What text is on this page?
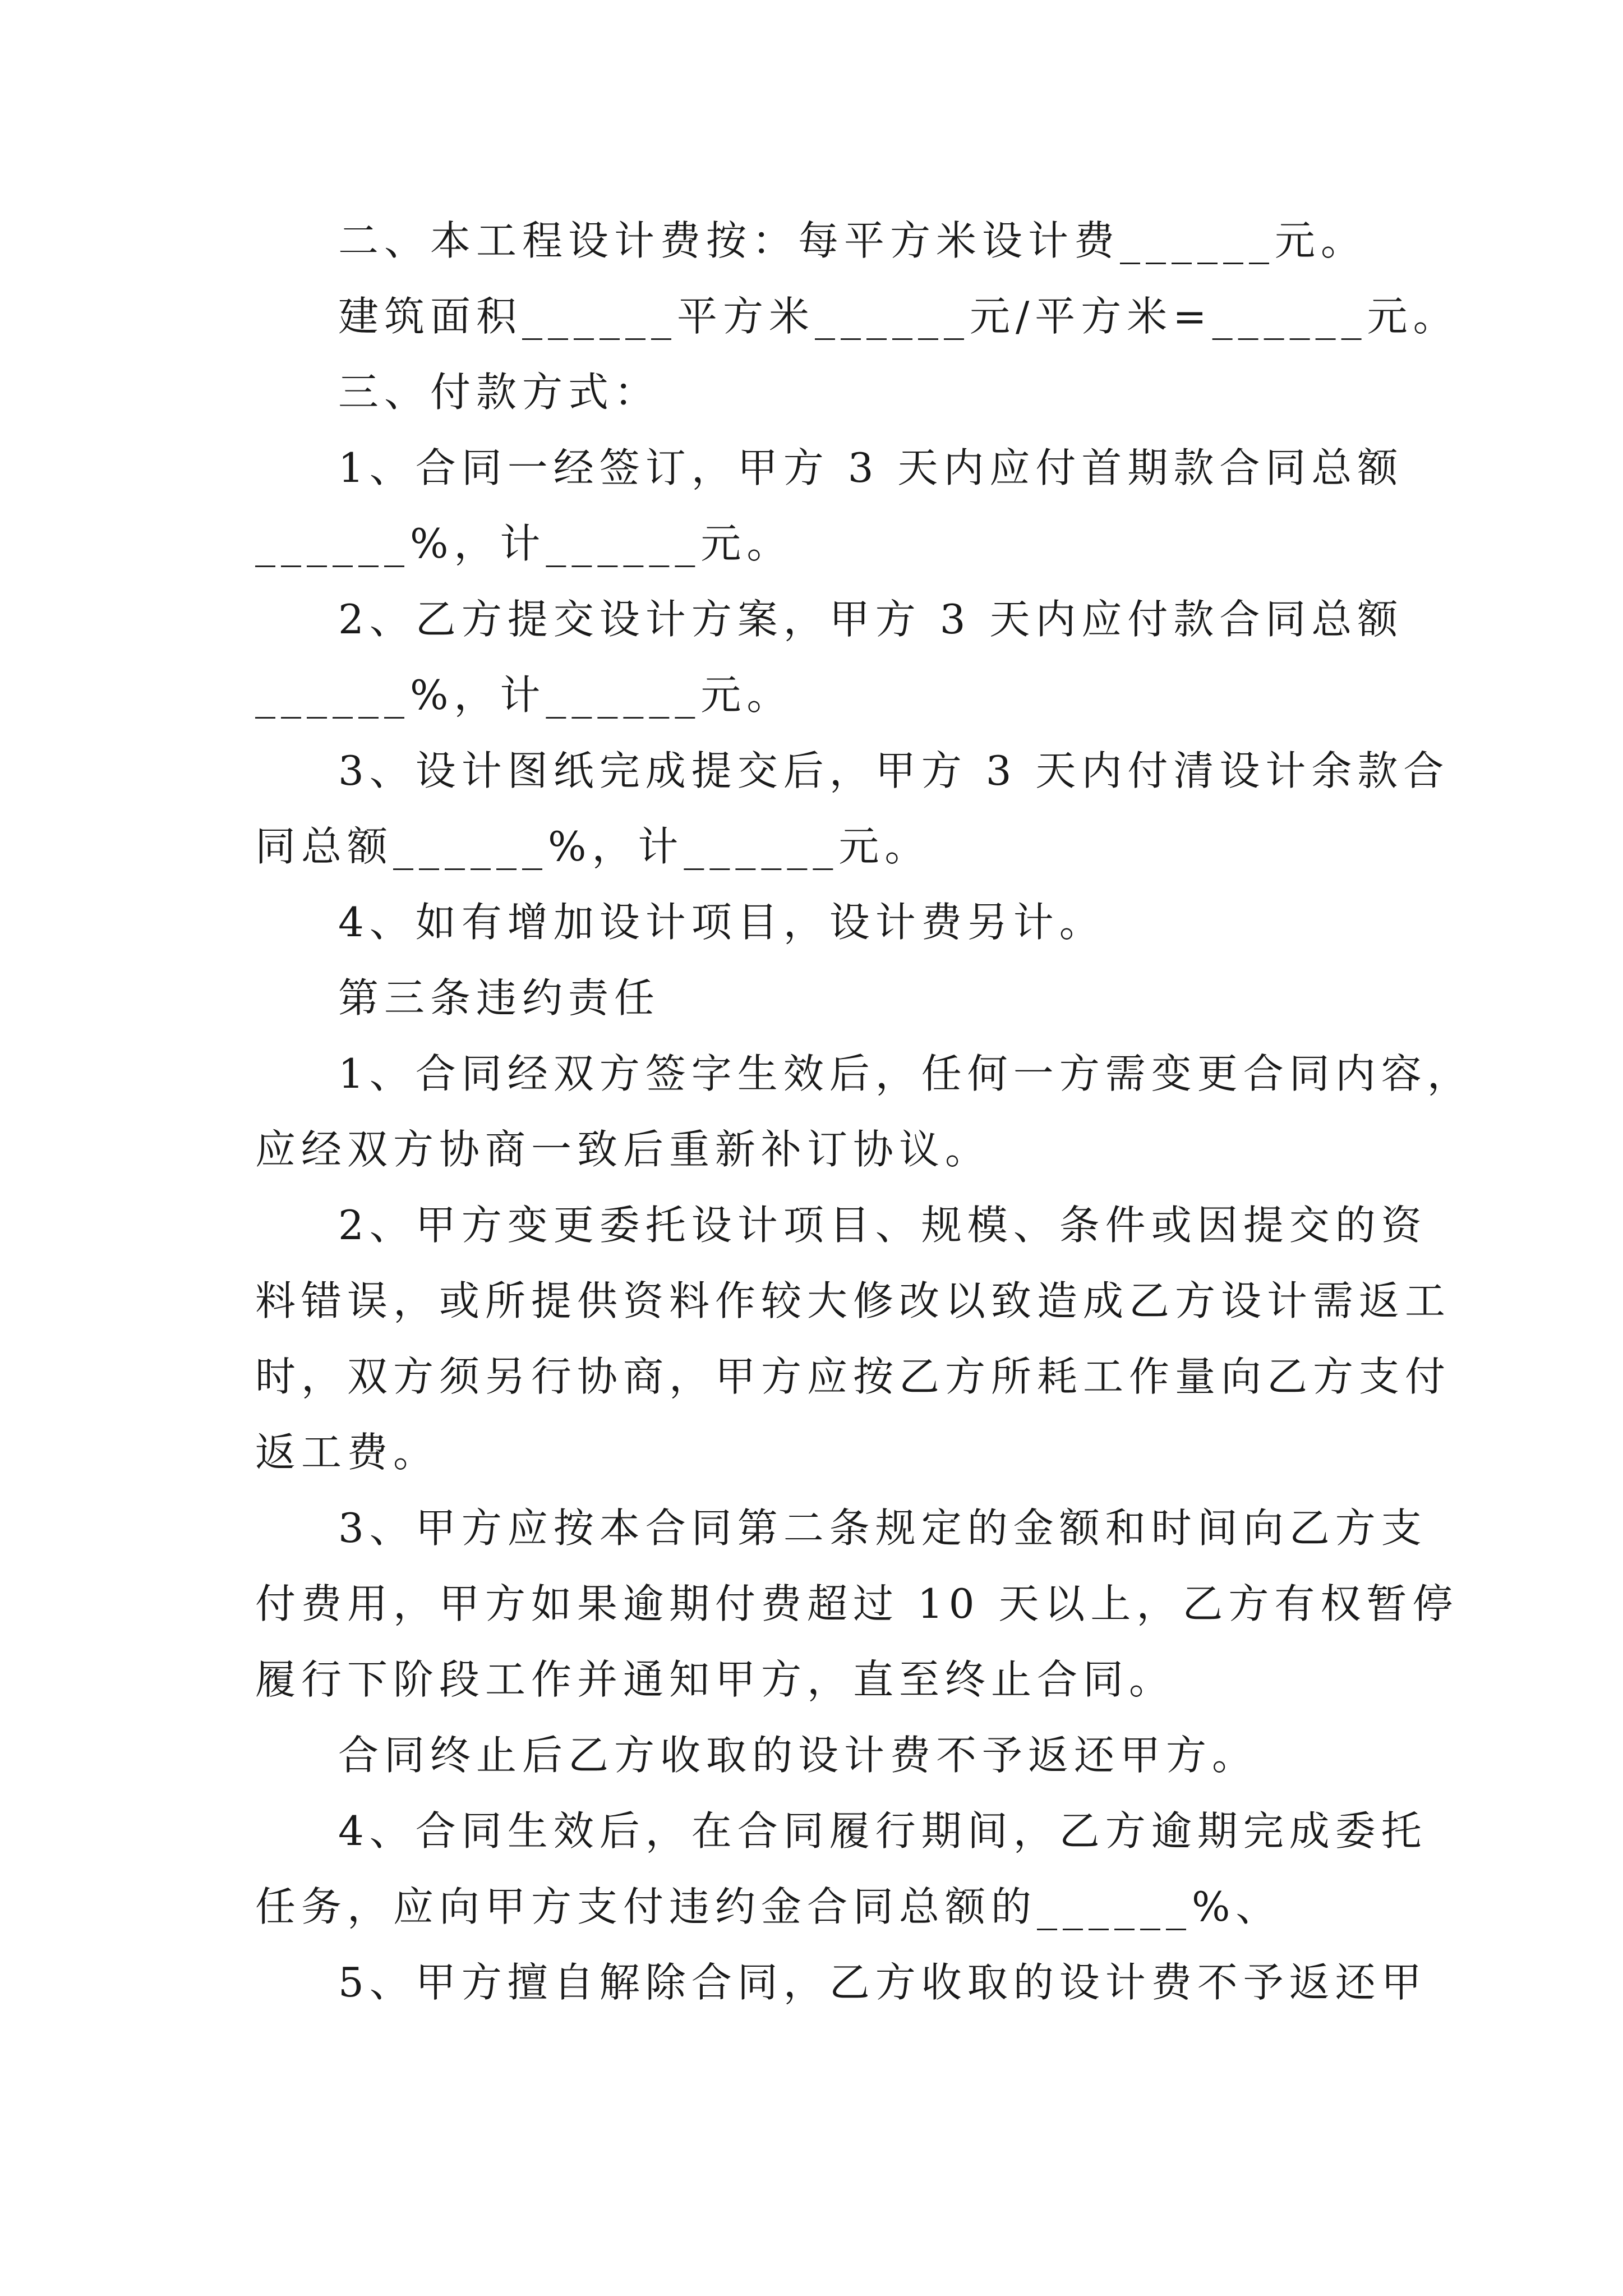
二、本工程设计费按：每平方米设计费______元。
建筑面积______平方米______元/平方米=______元。
三、付款方式：
1、合同一经签订，甲方 3 天内应付首期款合同总额
______%，计______元。
2、乙方提交设计方案，甲方 3 天内应付款合同总额
______%，计______元。
3、设计图纸完成提交后，甲方 3 天内付清设计余款合
同总额______%，计______元。
4、如有增加设计项目，设计费另计。
第三条违约责任
1、合同经双方签字生效后，任何一方需变更合同内容，
应经双方协商一致后重新补订协议。
2、甲方变更委托设计项目、规模、条件或因提交的资
料错误，或所提供资料作较大修改以致造成乙方设计需返工
时，双方须另行协商，甲方应按乙方所耗工作量向乙方支付
返工费。
3、甲方应按本合同第二条规定的金额和时间向乙方支
付费用，甲方如果逾期付费超过 10 天以上，乙方有权暂停
履行下阶段工作并通知甲方，直至终止合同。
合同终止后乙方收取的设计费不予返还甲方。
4、合同生效后，在合同履行期间，乙方逾期完成委托
任务，应向甲方支付违约金合同总额的______%、
5、甲方擅自解除合同，乙方收取的设计费不予返还甲
